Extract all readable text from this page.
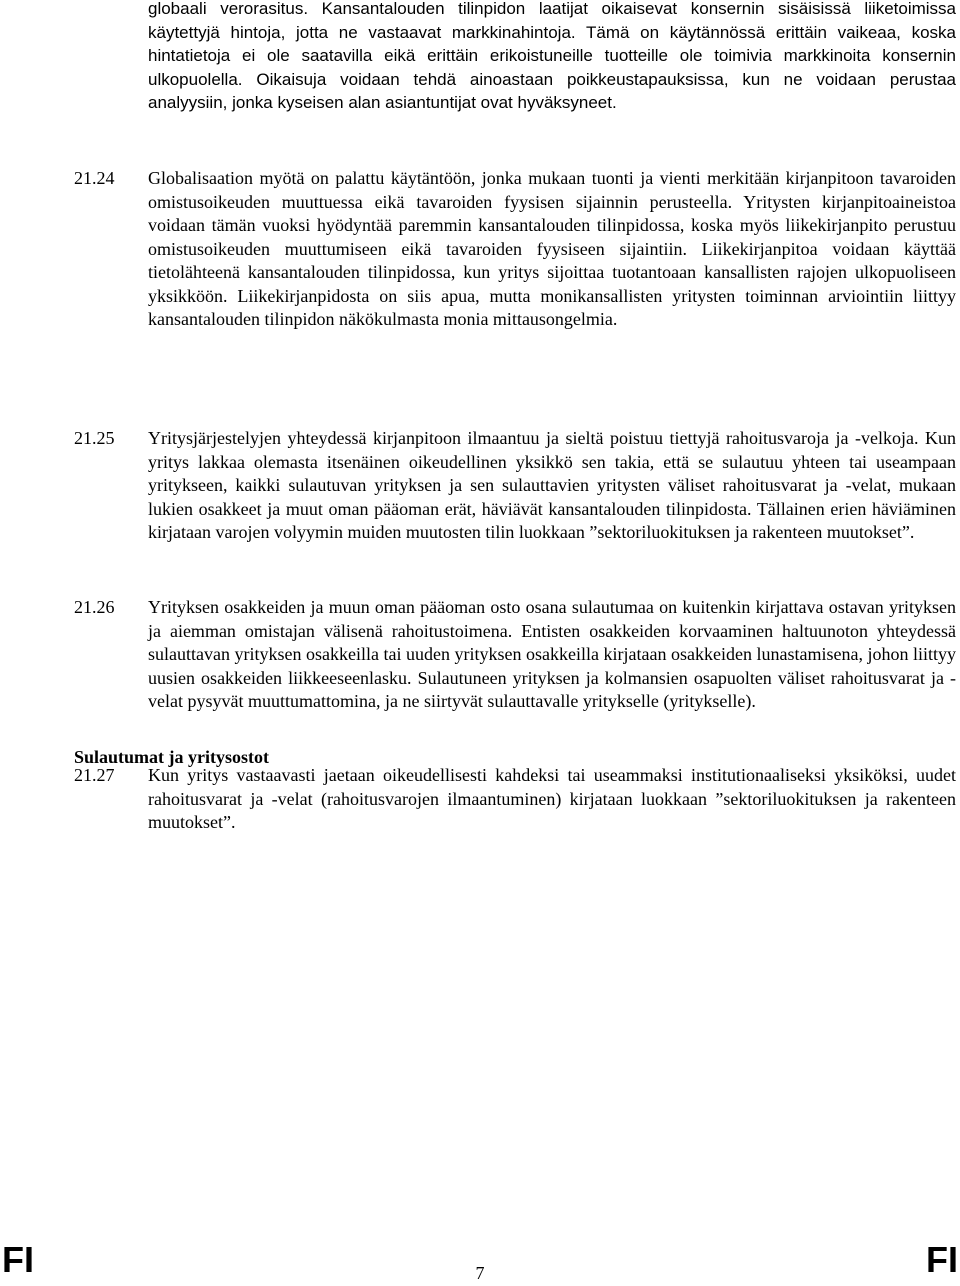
globaali verorasitus. Kansantalouden tilinpidon laatijat oikaisevat konsernin sisäisissä liiketoimissa käytettyjä hintoja, jotta ne vastaavat markkinahintoja. Tämä on käytännössä erittäin vaikeaa, koska hintatietoja ei ole saatavilla eikä erittäin erikoistuneille tuotteille ole toimivia markkinoita konsernin ulkopuolella. Oikaisuja voidaan tehdä ainoastaan poikkeustapauksissa, kun ne voidaan perustaa analyysiin, jonka kyseisen alan asiantuntijat ovat hyväksyneet.
21.24	Globalisaation myötä on palattu käytäntöön, jonka mukaan tuonti ja vienti merkitään kirjanpitoon tavaroiden omistusoikeuden muuttuessa eikä tavaroiden fyysisen sijainnin perusteella. Yritysten kirjanpitoaineistoa voidaan tämän vuoksi hyödyntää paremmin kansantalouden tilinpidossa, koska myös liikekirjanpito perustuu omistusoikeuden muuttumiseen eikä tavaroiden fyysiseen sijaintiin. Liikekirjanpitoa voidaan käyttää tietolähteenä kansantalouden tilinpidossa, kun yritys sijoittaa tuotantoaan kansallisten rajojen ulkopuoliseen yksikköön. Liikekirjanpidosta on siis apua, mutta monikansallisten yritysten toiminnan arviointiin liittyy kansantalouden tilinpidon näkökulmasta monia mittausongelmia.
Sulautumat ja yritysostot
21.25	Yritysjärjestelyjen yhteydessä kirjanpitoon ilmaantuu ja sieltä poistuu tiettyjä rahoitusvaroja ja -velkoja. Kun yritys lakkaa olemasta itsenäinen oikeudellinen yksikkö sen takia, että se sulautuu yhteen tai useampaan yritykseen, kaikki sulautuvan yrityksen ja sen sulauttavien yritysten väliset rahoitusvarat ja -velat, mukaan lukien osakkeet ja muut oman pääoman erät, häviävät kansantalouden tilinpidosta. Tällainen erien häviäminen kirjataan varojen volyymin muiden muutosten tilin luokkaan ”sektoriluokituksen ja rakenteen muutokset”.
21.26	Yrityksen osakkeiden ja muun oman pääoman osto osana sulautumaa on kuitenkin kirjattava ostavan yrityksen ja aiemman omistajan välisenä rahoitustoimena. Entisten osakkeiden korvaaminen haltuunoton yhteydessä sulauttavan yrityksen osakkeilla tai uuden yrityksen osakkeilla kirjataan osakkeiden lunastamisena, johon liittyy uusien osakkeiden liikkeeseenlasku. Sulautuneen yrityksen ja kolmansien osapuolten väliset rahoitusvarat ja -velat pysyvät muuttumattomina, ja ne siirtyvät sulauttavalle yritykselle (yritykselle).
21.27	Kun yritys vastaavasti jaetaan oikeudellisesti kahdeksi tai useammaksi institutionaaliseksi yksiköksi, uudet rahoitusvarat ja -velat (rahoitusvarojen ilmaantuminen) kirjataan luokkaan ”sektoriluokituksen ja rakenteen muutokset”.
FI	7	FI
